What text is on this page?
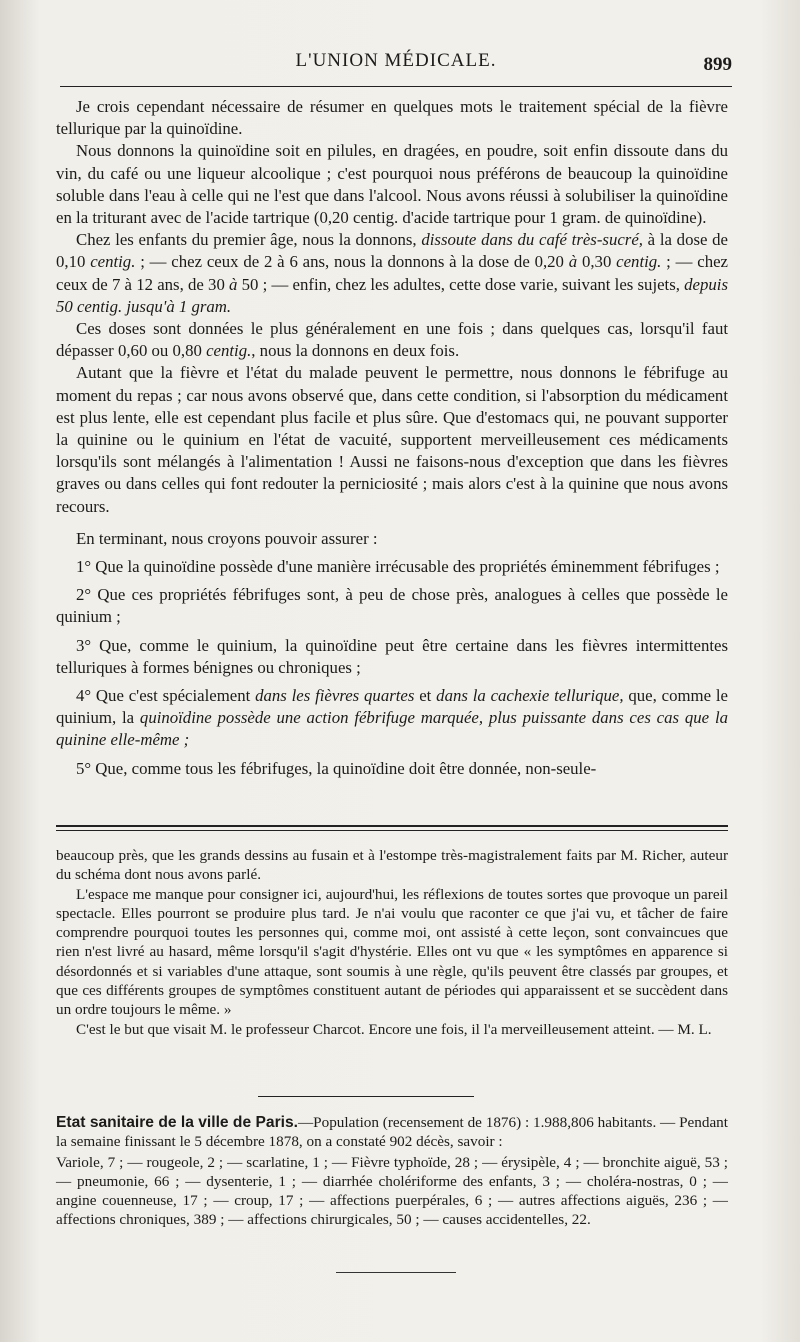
L'UNION MÉDICALE.	899

Je crois cependant nécessaire de résumer en quelques mots le traitement spécial de la fièvre tellurique par la quinoïdine.

Nous donnons la quinoïdine soit en pilules, en dragées, en poudre, soit enfin dissoute dans du vin, du café ou une liqueur alcoolique ; c'est pourquoi nous préférons de beaucoup la quinoïdine soluble dans l'eau à celle qui ne l'est que dans l'alcool. Nous avons réussi à solubiliser la quinoïdine en la triturant avec de l'acide tartrique (0,20 centig. d'acide tartrique pour 1 gram. de quinoïdine).

Chez les enfants du premier âge, nous la donnons, dissoute dans du café très-sucré, à la dose de 0,10 centig. ; — chez ceux de 2 à 6 ans, nous la donnons à la dose de 0,20 à 0,30 centig. ; — chez ceux de 7 à 12 ans, de 30 à 50 ; — enfin, chez les adultes, cette dose varie, suivant les sujets, depuis 50 centig. jusqu'à 1 gram.

Ces doses sont données le plus généralement en une fois ; dans quelques cas, lorsqu'il faut dépasser 0,60 ou 0,80 centig., nous la donnons en deux fois.

Autant que la fièvre et l'état du malade peuvent le permettre, nous donnons le fébrifuge au moment du repas ; car nous avons observé que, dans cette condition, si l'absorption du médicament est plus lente, elle est cependant plus facile et plus sûre. Que d'estomacs qui, ne pouvant supporter la quinine ou le quinium en l'état de vacuité, supportent merveilleusement ces médicaments lorsqu'ils sont mélangés à l'alimentation ! Aussi ne faisons-nous d'exception que dans les fièvres graves ou dans celles qui font redouter la perniciosité ; mais alors c'est à la quinine que nous avons recours.

En terminant, nous croyons pouvoir assurer :

1° Que la quinoïdine possède d'une manière irrécusable des propriétés éminemment fébrifuges ;

2° Que ces propriétés fébrifuges sont, à peu de chose près, analogues à celles que possède le quinium ;

3° Que, comme le quinium, la quinoïdine peut être certaine dans les fièvres intermittentes telluriques à formes bénignes ou chroniques ;

4° Que c'est spécialement dans les fièvres quartes et dans la cachexie tellurique, que, comme le quinium, la quinoïdine possède une action fébrifuge marquée, plus puissante dans ces cas que la quinine elle-même ;

5° Que, comme tous les fébrifuges, la quinoïdine doit être donnée, non-seule-

beaucoup près, que les grands dessins au fusain et à l'estompe très-magistralement faits par M. Richer, auteur du schéma dont nous avons parlé.

L'espace me manque pour consigner ici, aujourd'hui, les réflexions de toutes sortes que provoque un pareil spectacle. Elles pourront se produire plus tard. Je n'ai voulu que raconter ce que j'ai vu, et tâcher de faire comprendre pourquoi toutes les personnes qui, comme moi, ont assisté à cette leçon, sont convaincues que rien n'est livré au hasard, même lorsqu'il s'agit d'hystérie. Elles ont vu que « les symptômes en apparence si désordonnés et si variables d'une attaque, sont soumis à une règle, qu'ils peuvent être classés par groupes, et que ces différents groupes de symptômes constituent autant de périodes qui apparaissent et se succèdent dans un ordre toujours le même. »

C'est le but que visait M. le professeur Charcot. Encore une fois, il l'a merveilleusement atteint. — M. L.

Etat sanitaire de la ville de Paris.—Population (recensement de 1876) : 1.988,806 habitants. — Pendant la semaine finissant le 5 décembre 1878, on a constaté 902 décès, savoir :

Variole, 7 ; — rougeole, 2 ; — scarlatine, 1 ; — Fièvre typhoïde, 28 ; — érysipèle, 4 ; — bronchite aiguë, 53 ; — pneumonie, 66 ; — dysenterie, 1 ; — diarrhée cholériforme des enfants, 3 ; — choléra-nostras, 0 ; — angine couenneuse, 17 ; — croup, 17 ; — affections puerpérales, 6 ; — autres affections aiguës, 236 ; — affections chroniques, 389 ; — affections chirurgicales, 50 ; — causes accidentelles, 22.
